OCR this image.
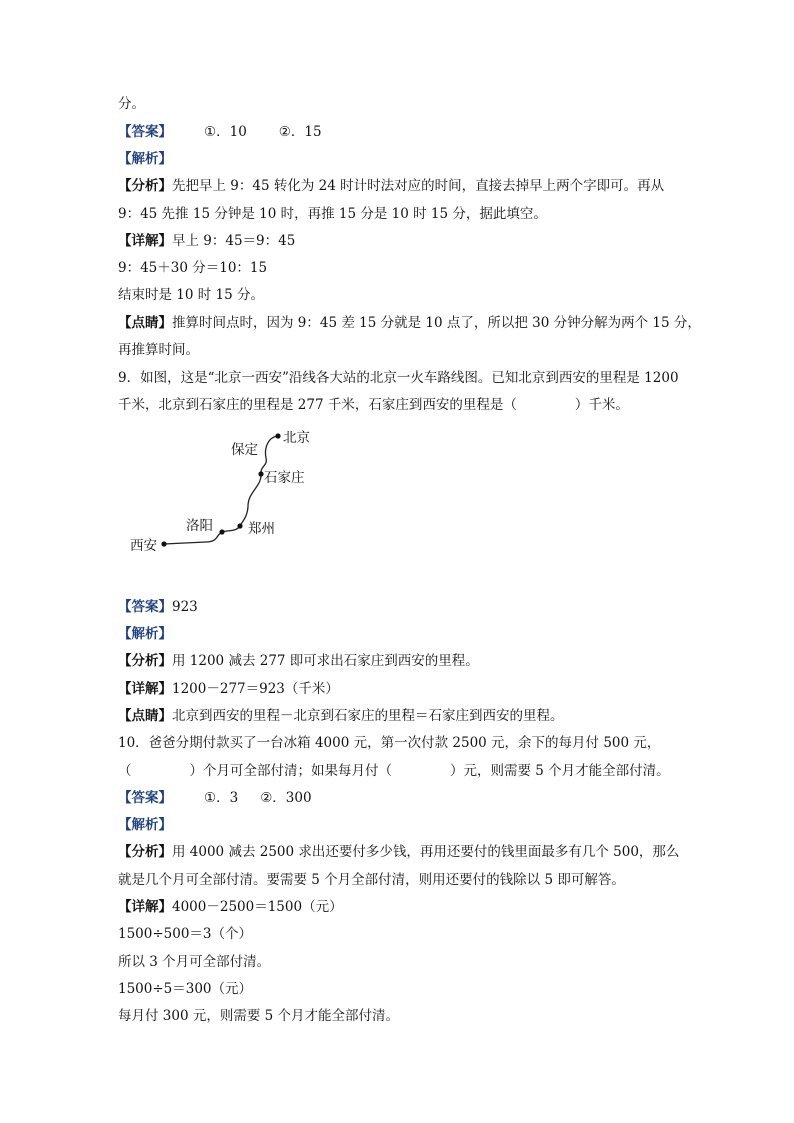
分。
【答案】 ①．10 ②．15
【解析】
【分析】先把早上 9：45 转化为 24 时计时法对应的时间，直接去掉早上两个字即可。再从
9：45 先推 15 分钟是 10 时，再推 15 分是 10 时 15 分，据此填空。
【详解】早上 9：45＝9：45
9：45＋30 分＝10：15
结束时是 10 时 15 分。
【点睛】推算时间点时，因为 9：45 差 15 分就是 10 点了，所以把 30 分钟分解为两个 15 分，
再推算时间。
9．如图，这是“北京一西安”沿线各大站的北京一火车路线图。已知北京到西安的里程是 1200
千米，北京到石家庄的里程是 277 千米，石家庄到西安的里程是（	）千米。
北京
保定
石家庄
郑州
洛阳
西安
【答案】923
【解析】
【分析】用 1200 减去 277 即可求出石家庄到西安的里程。
【详解】1200－277＝923（千米）
【点睛】北京到西安的里程－北京到石家庄的里程＝石家庄到西安的里程。
10．爸爸分期付款买了一台冰箱 4000 元，第一次付款 2500 元，余下的每月付 500 元，
（	）个月可全部付清；如果每月付（	）元，则需要 5 个月才能全部付清。
【答案】 ①．3 ②．300
【解析】
【分析】用 4000 减去 2500 求出还要付多少钱，再用还要付的钱里面最多有几个 500，那么
就是几个月可全部付清。要需要 5 个月全部付清，则用还要付的钱除以 5 即可解答。
【详解】4000－2500＝1500（元）
1500÷500＝3（个）
所以 3 个月可全部付清。
1500÷5＝300（元）
每月付 300 元，则需要 5 个月才能全部付清。
